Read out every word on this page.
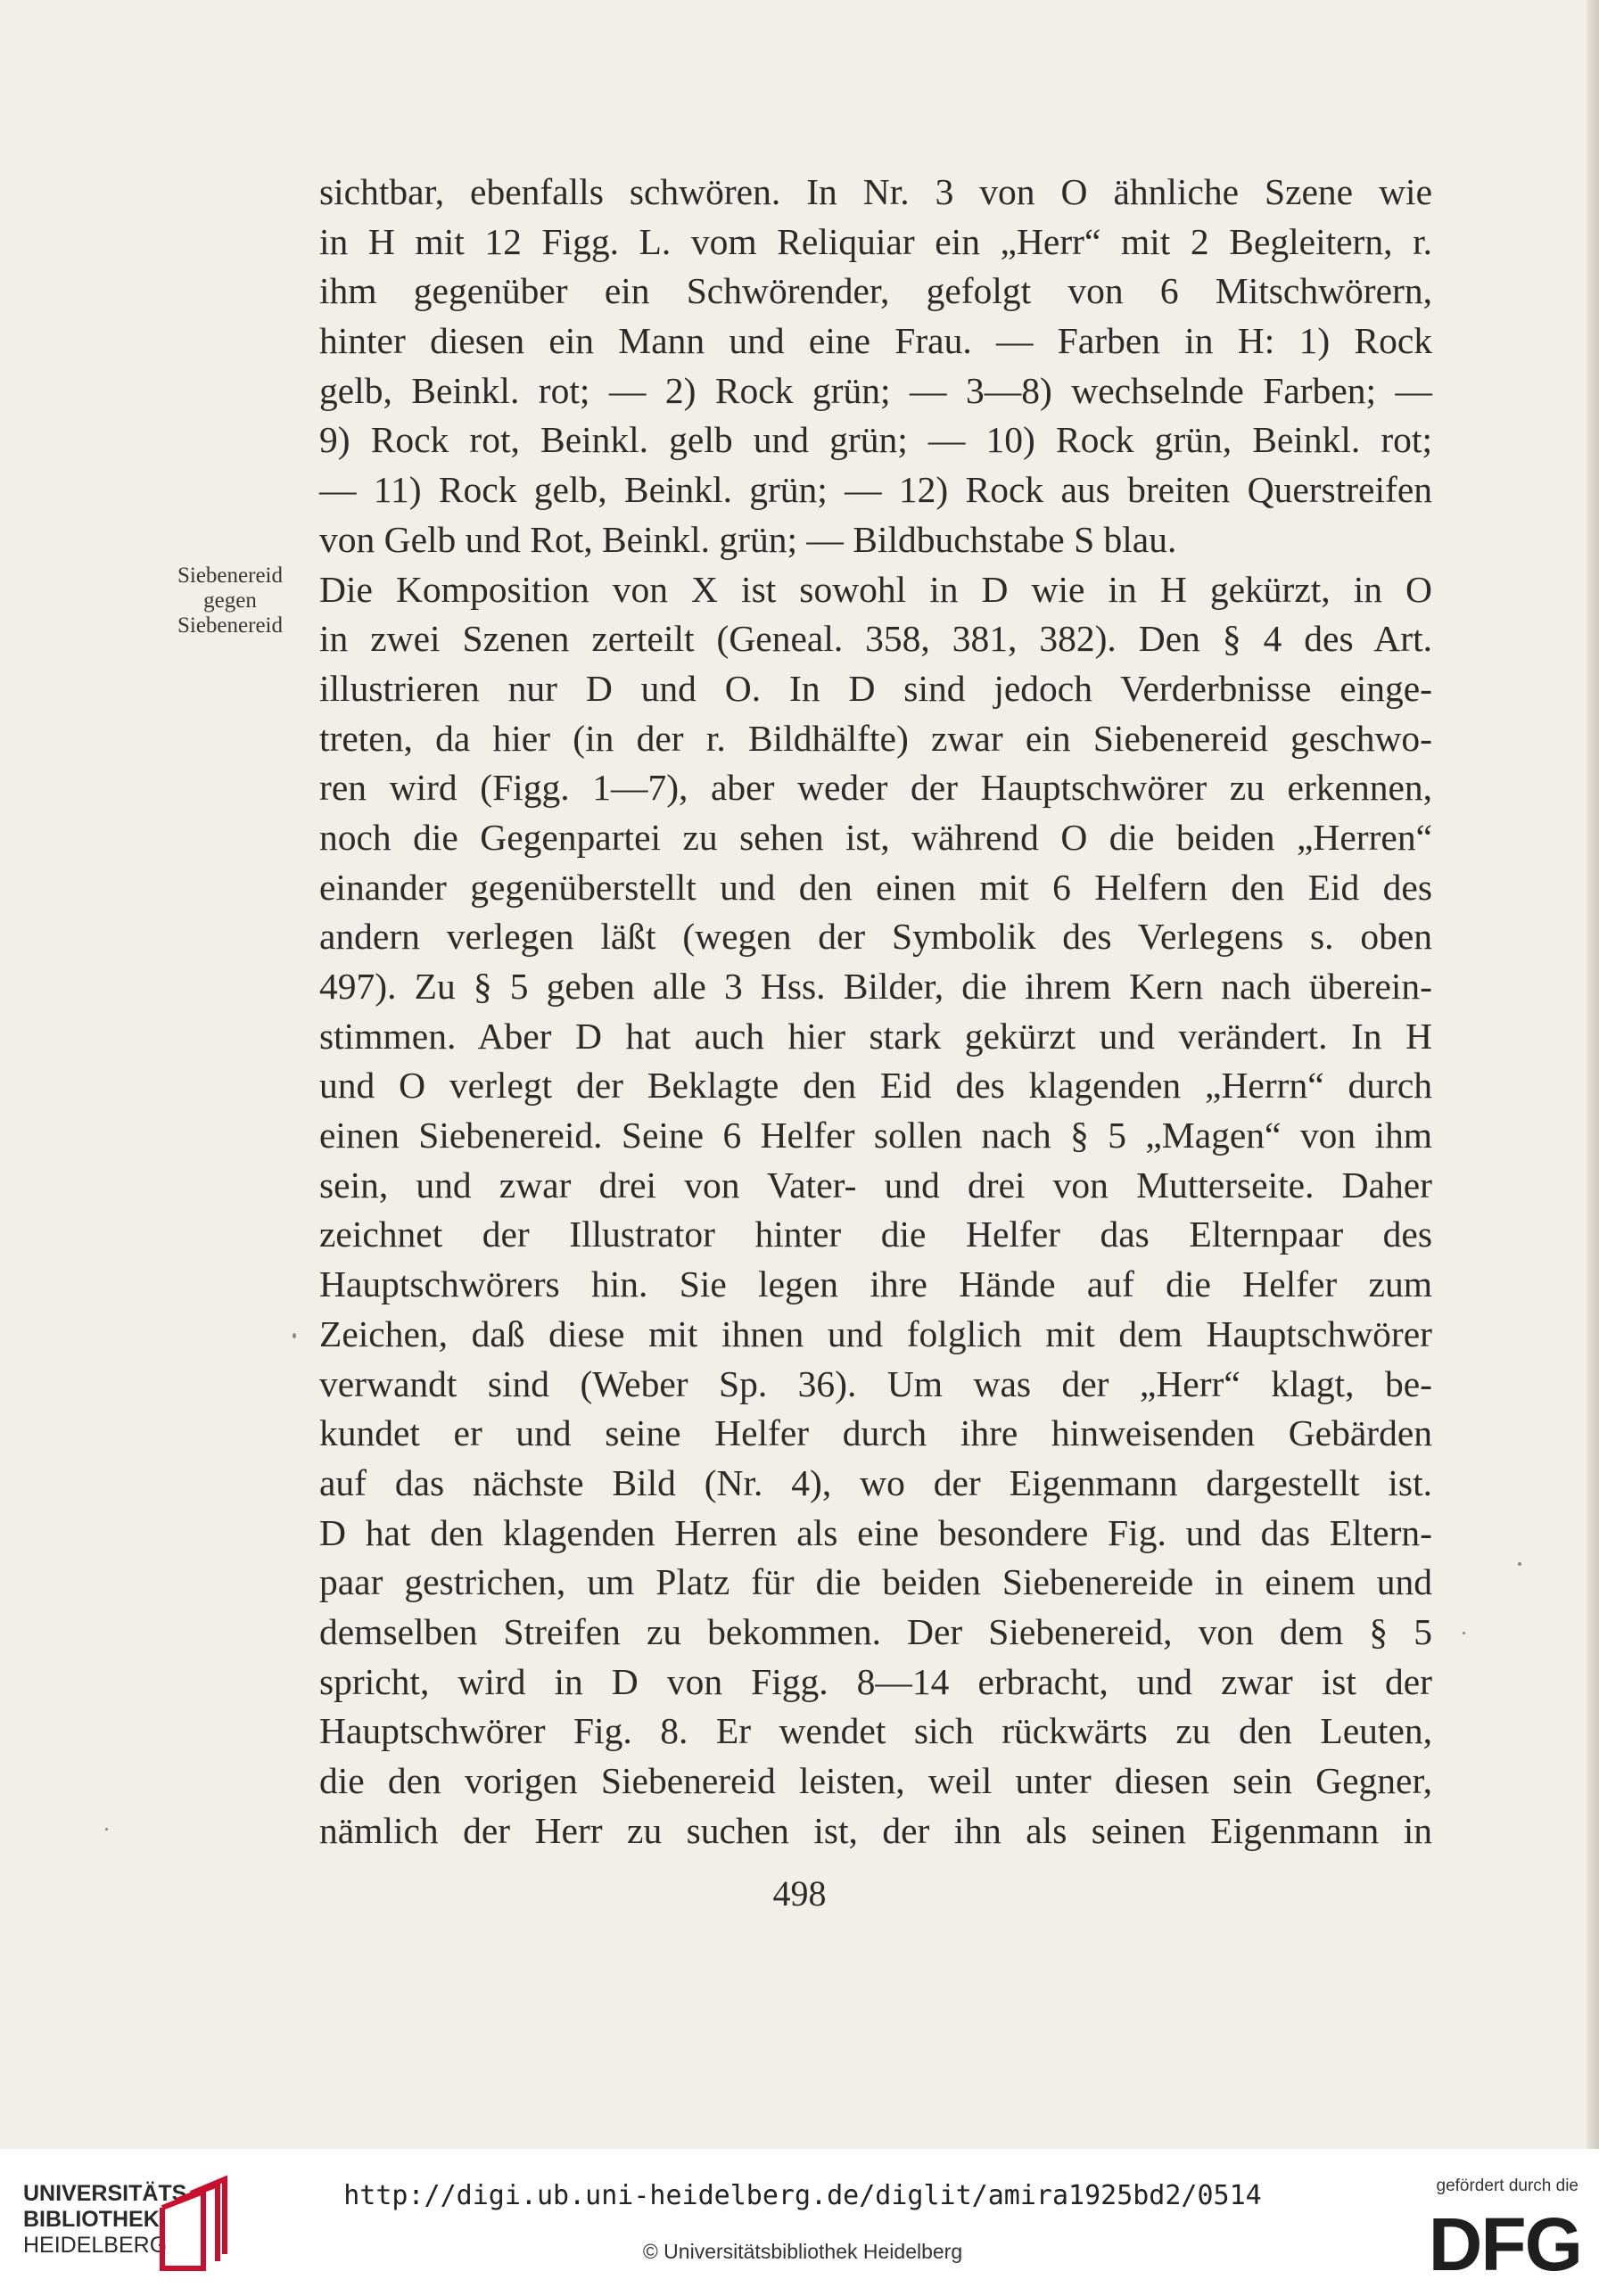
Siebenereid
gegen
Siebenereid
sichtbar, ebenfalls schwören. In Nr. 3 von O ähnliche Szene wie
in H mit 12 Figg. L. vom Reliquiar ein „Herr“ mit 2 Begleitern, r.
ihm gegenüber ein Schwörender, gefolgt von 6 Mitschwörern,
hinter diesen ein Mann und eine Frau. — Farben in H: 1) Rock
gelb, Beinkl. rot; — 2) Rock grün; — 3—8) wechselnde Farben; —
9) Rock rot, Beinkl. gelb und grün; — 10) Rock grün, Beinkl. rot;
— 11) Rock gelb, Beinkl. grün; — 12) Rock aus breiten Querstreifen
von Gelb und Rot, Beinkl. grün; — Bildbuchstabe S blau.
Die Komposition von X ist sowohl in D wie in H gekürzt, in O
in zwei Szenen zerteilt (Geneal. 358, 381, 382). Den § 4 des Art.
illustrieren nur D und O. In D sind jedoch Verderbnisse einge-
treten, da hier (in der r. Bildhälfte) zwar ein Siebenereid geschwo-
ren wird (Figg. 1—7), aber weder der Hauptschwörer zu erkennen,
noch die Gegenpartei zu sehen ist, während O die beiden „Herren“
einander gegenüberstellt und den einen mit 6 Helfern den Eid des
andern verlegen läßt (wegen der Symbolik des Verlegens s. oben
497). Zu § 5 geben alle 3 Hss. Bilder, die ihrem Kern nach überein-
stimmen. Aber D hat auch hier stark gekürzt und verändert. In H
und O verlegt der Beklagte den Eid des klagenden „Herrn“ durch
einen Siebenereid. Seine 6 Helfer sollen nach § 5 „Magen“ von ihm
sein, und zwar drei von Vater- und drei von Mutterseite. Daher
zeichnet der Illustrator hinter die Helfer das Elternpaar des
Hauptschwörers hin. Sie legen ihre Hände auf die Helfer zum
Zeichen, daß diese mit ihnen und folglich mit dem Hauptschwörer
verwandt sind (Weber Sp. 36). Um was der „Herr“ klagt, be-
kundet er und seine Helfer durch ihre hinweisenden Gebärden
auf das nächste Bild (Nr. 4), wo der Eigenmann dargestellt ist.
D hat den klagenden Herren als eine besondere Fig. und das Eltern-
paar gestrichen, um Platz für die beiden Siebenereide in einem und
demselben Streifen zu bekommen. Der Siebenereid, von dem § 5
spricht, wird in D von Figg. 8—14 erbracht, und zwar ist der
Hauptschwörer Fig. 8. Er wendet sich rückwärts zu den Leuten,
die den vorigen Siebenereid leisten, weil unter diesen sein Gegner,
nämlich der Herr zu suchen ist, der ihn als seinen Eigenmann in
498
UNIVERSITÄTS-
BIBLIOTHEK
HEIDELBERG
http://digi.ub.uni-heidelberg.de/diglit/amira1925bd2/0514
© Universitätsbibliothek Heidelberg
gefördert durch die
DFG
